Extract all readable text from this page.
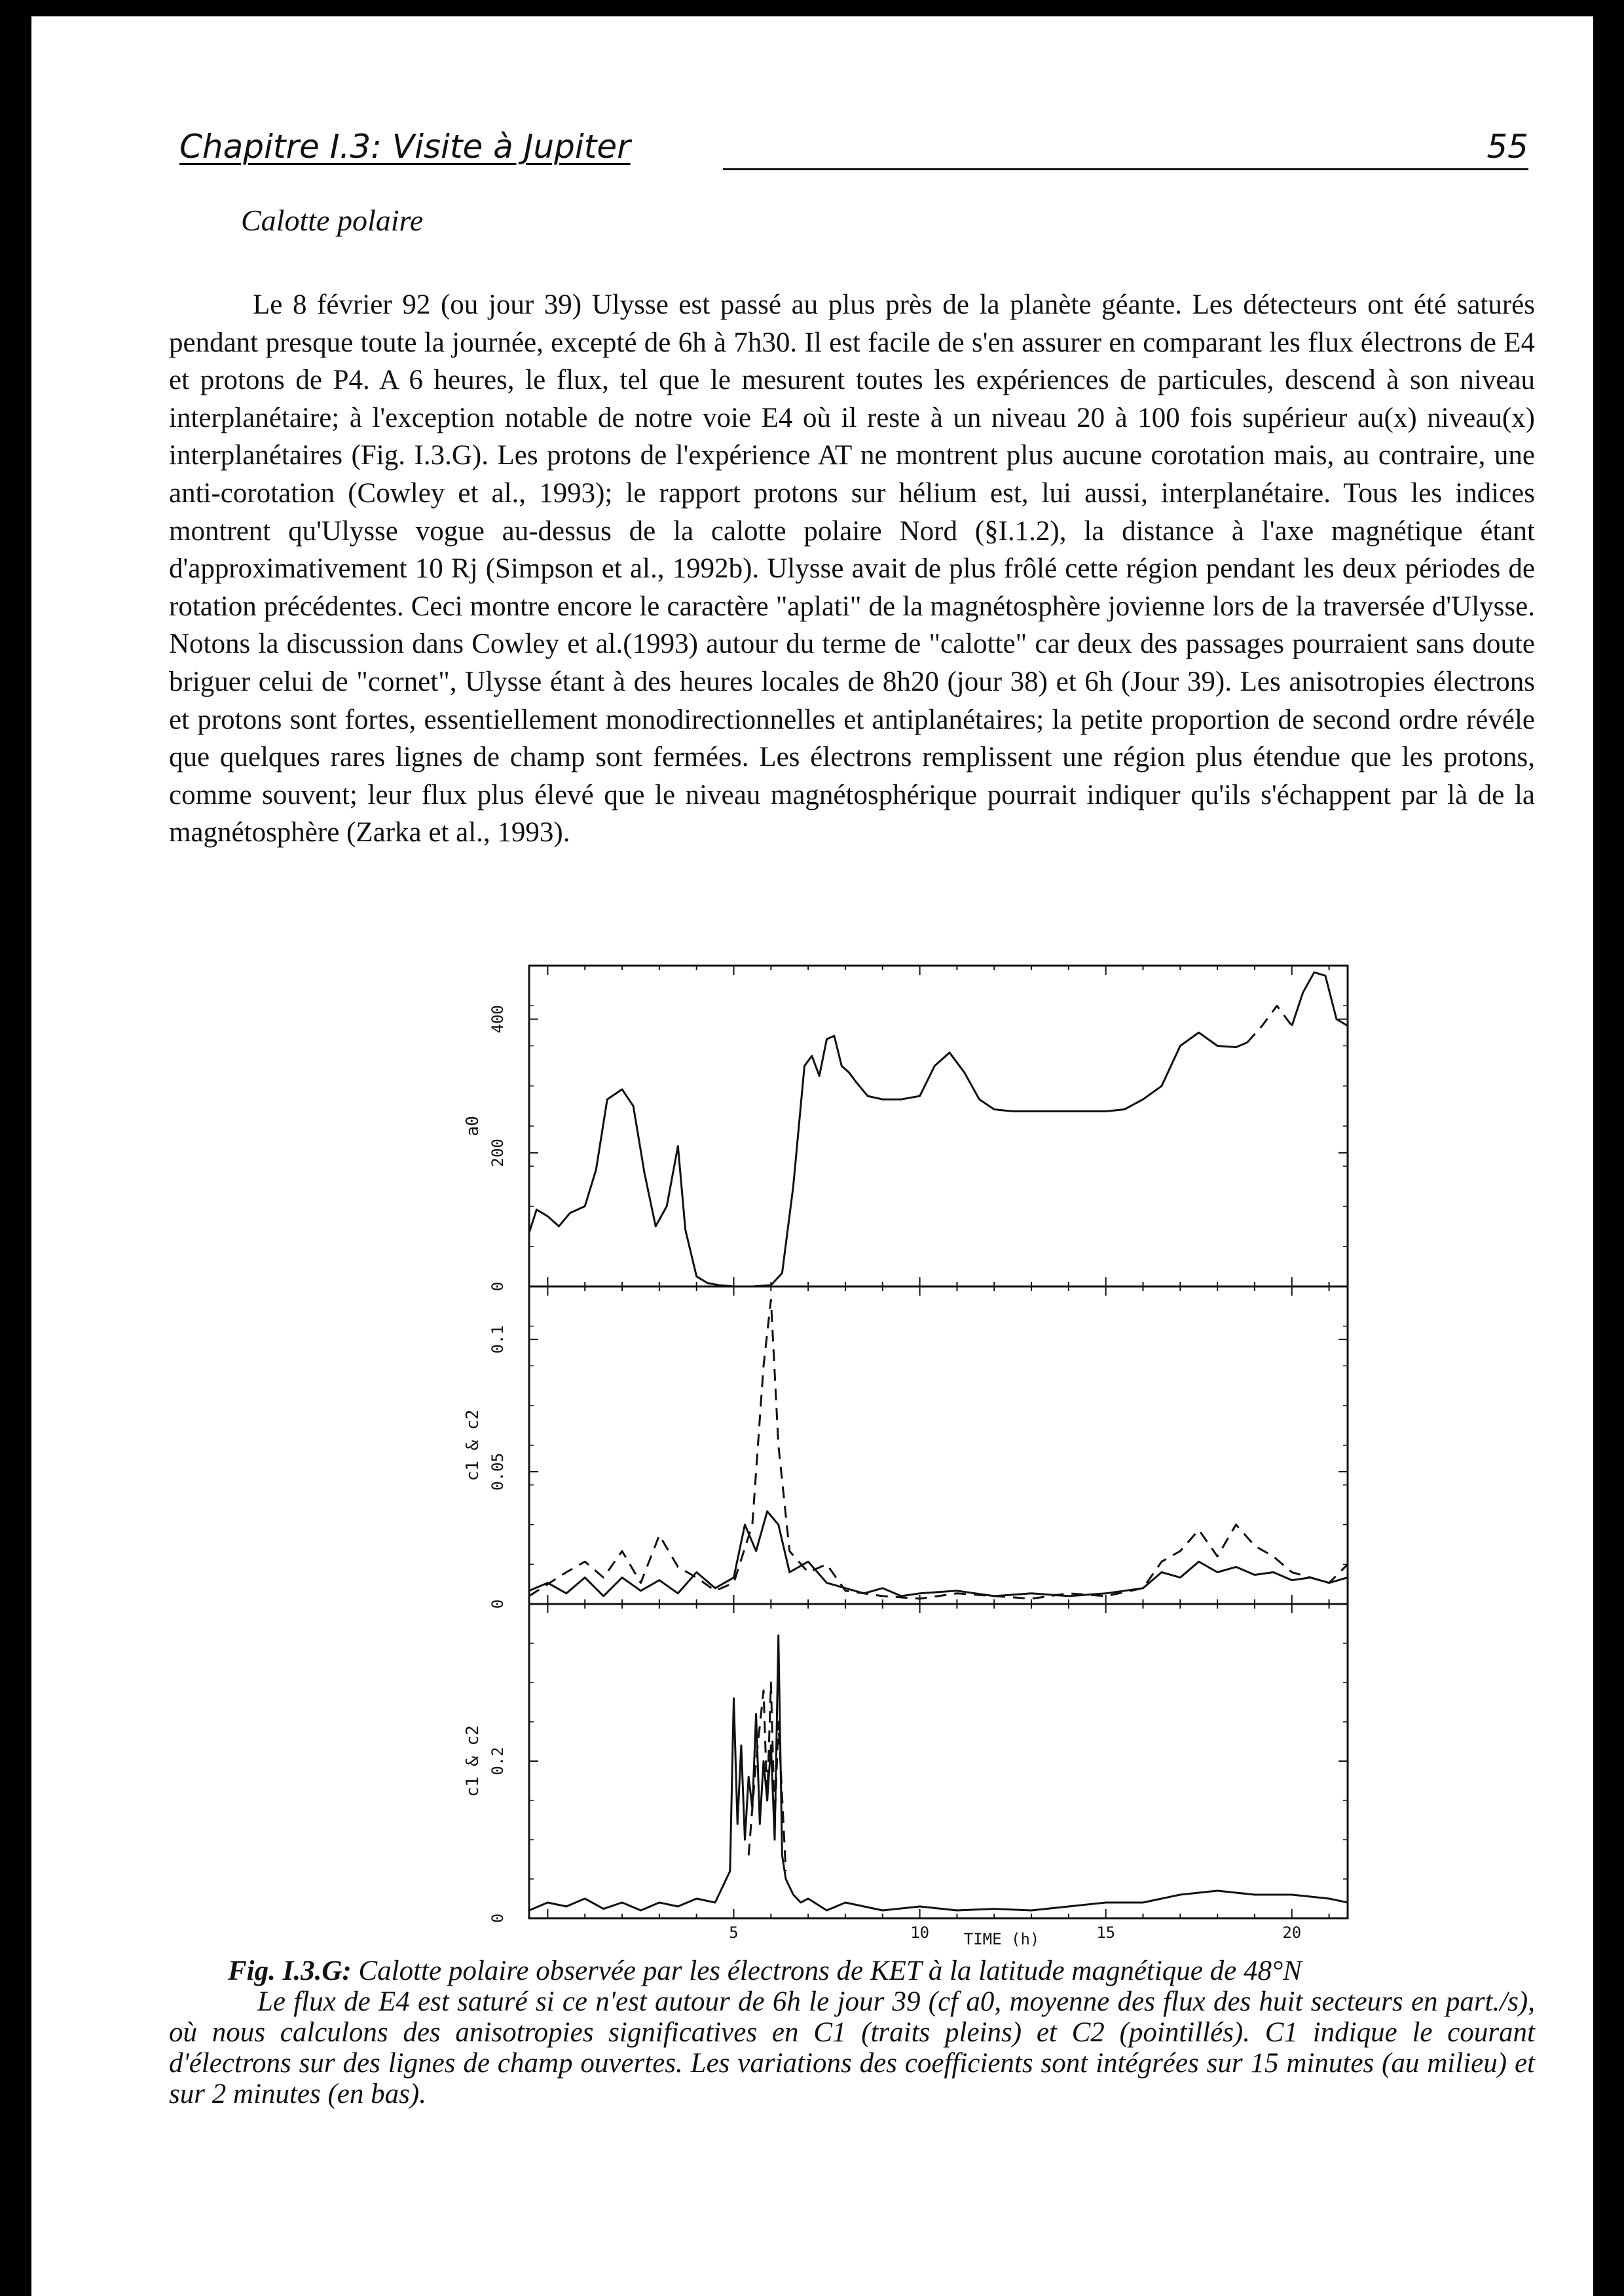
Chapitre I.3: Visite à Jupiter	55
Calotte polaire

Le 8 février 92 (ou jour 39) Ulysse est passé au plus près de la planète géante. Les détecteurs ont été saturés pendant presque toute la journée, excepté de 6h à 7h30. Il est facile de s'en assurer en comparant les flux électrons de E4 et protons de P4. A 6 heures, le flux, tel que le mesurent toutes les expériences de particules, descend à son niveau interplanétaire; à l'exception notable de notre voie E4 où il reste à un niveau 20 à 100 fois supérieur au(x) niveau(x) interplanétaires (Fig. I.3.G). Les protons de l'expérience AT ne montrent plus aucune corotation mais, au contraire, une anti-corotation (Cowley et al., 1993); le rapport protons sur hélium est, lui aussi, interplanétaire. Tous les indices montrent qu'Ulysse vogue au-dessus de la calotte polaire Nord (§I.1.2), la distance à l'axe magnétique étant d'approximativement 10 Rj (Simpson et al., 1992b). Ulysse avait de plus frôlé cette région pendant les deux périodes de rotation précédentes. Ceci montre encore le caractère "aplati" de la magnétosphère jovienne lors de la traversée d'Ulysse. Notons la discussion dans Cowley et al.(1993) autour du terme de "calotte" car deux des passages pourraient sans doute briguer celui de "cornet", Ulysse étant à des heures locales de 8h20 (jour 38) et 6h (Jour 39). Les anisotropies électrons et protons sont fortes, essentiellement monodirectionnelles et antiplanétaires; la petite proportion de second ordre révéle que quelques rares lignes de champ sont fermées. Les électrons remplissent une région plus étendue que les protons, comme souvent; leur flux plus élevé que le niveau magnétosphérique pourrait indiquer qu'ils s'échappent par là de la magnétosphère (Zarka et al., 1993).

0
200
400
a0
0
0.05
0.1
c1 & c2
0
0.2
c1 & c2
5	10	15	20
TIME (h)
Fig. I.3.G: Calotte polaire observée par les électrons de KET à la latitude magnétique de 48°N
Le flux de E4 est saturé si ce n'est autour de 6h le jour 39 (cf a0, moyenne des flux des huit secteurs en part./s), où nous calculons des anisotropies significatives en C1 (traits pleins) et C2 (pointillés). C1 indique le courant d'électrons sur des lignes de champ ouvertes. Les variations des coefficients sont intégrées sur 15 minutes (au milieu) et sur 2 minutes (en bas).
